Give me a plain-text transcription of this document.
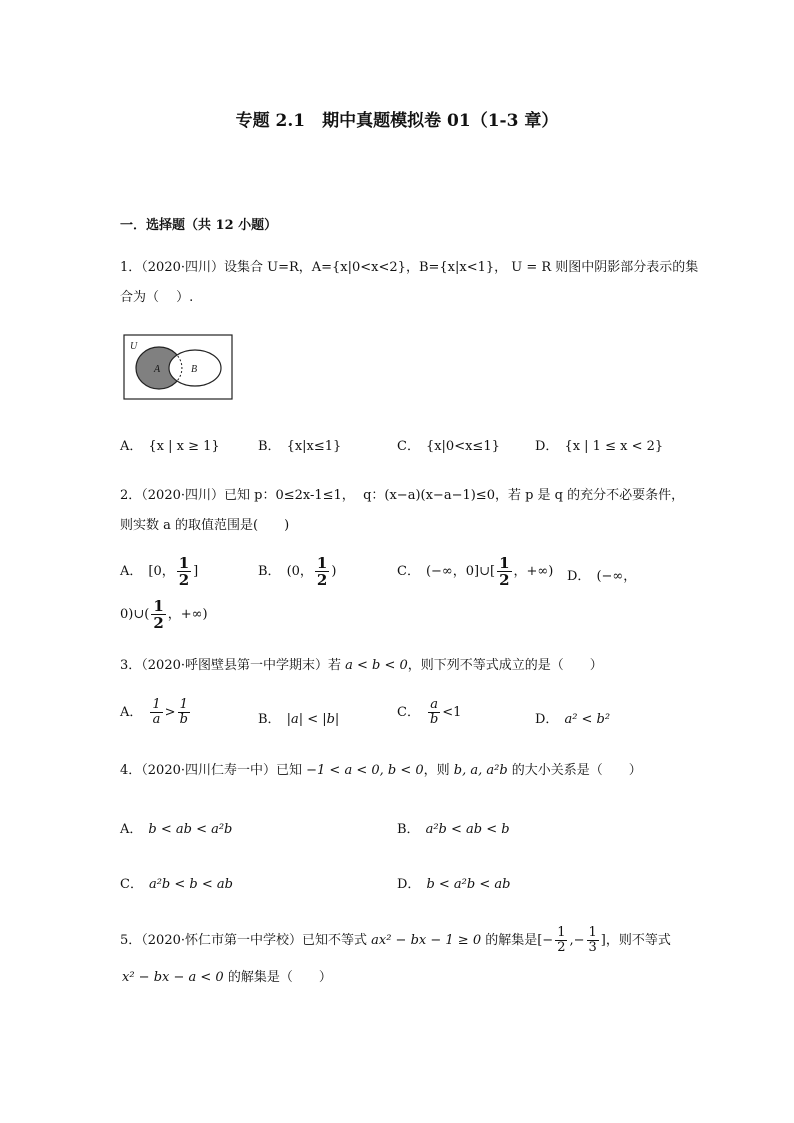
专题 2.1　期中真题模拟卷 01（1-3 章）
一．选择题（共 12 小题）
1．（2020·四川）设集合 U=R，A={x|0<x<2}，B={x|x<1}， U = R 则图中阴影部分表示的集
合为（　 ）.
U
A	B
A． {x | x ≥ 1}	B． {x|x≤1}	C． {x|0<x≤1}	D． {x | 1 ≤ x < 2}
2．（2020·四川）已知 p：0≤2x-1≤1， q：(x−a)(x−a−1)≤0，若 p 是 q 的充分不必要条件，
则实数 a 的取值范围是(　　)
A． [0， $\frac{1}{2}$ ]	B． (0， $\frac{1}{2}$ )	C． (−∞，0]∪[ $\frac{1}{2}$ ，+∞) D． (−∞，
0)∪( $\frac{1}{2}$ ，+∞)
3．（2020·呼图壁县第一中学期末）若 a < b < 0，则下列不等式成立的是（　　）
A． $\frac{1}{a} > \frac{1}{b}$	B． |a| < |b|	C． $\frac{a}{b} <1$	D． a² < b²
4．（2020·四川仁寿一中）已知 −1 < a < 0, b < 0，则 b, a, a²b 的大小关系是（　　）
A． b < ab < a²b	B． a²b < ab < b
C． a²b < b < ab	D． b < a²b < ab
5．（2020·怀仁市第一中学校）已知不等式 ax² − bx − 1 ≥ 0 的解集是[− $\frac{1}{2}$ ,− $\frac{1}{3}$ ]，则不等式
x² − bx − a < 0 的解集是（　　）
